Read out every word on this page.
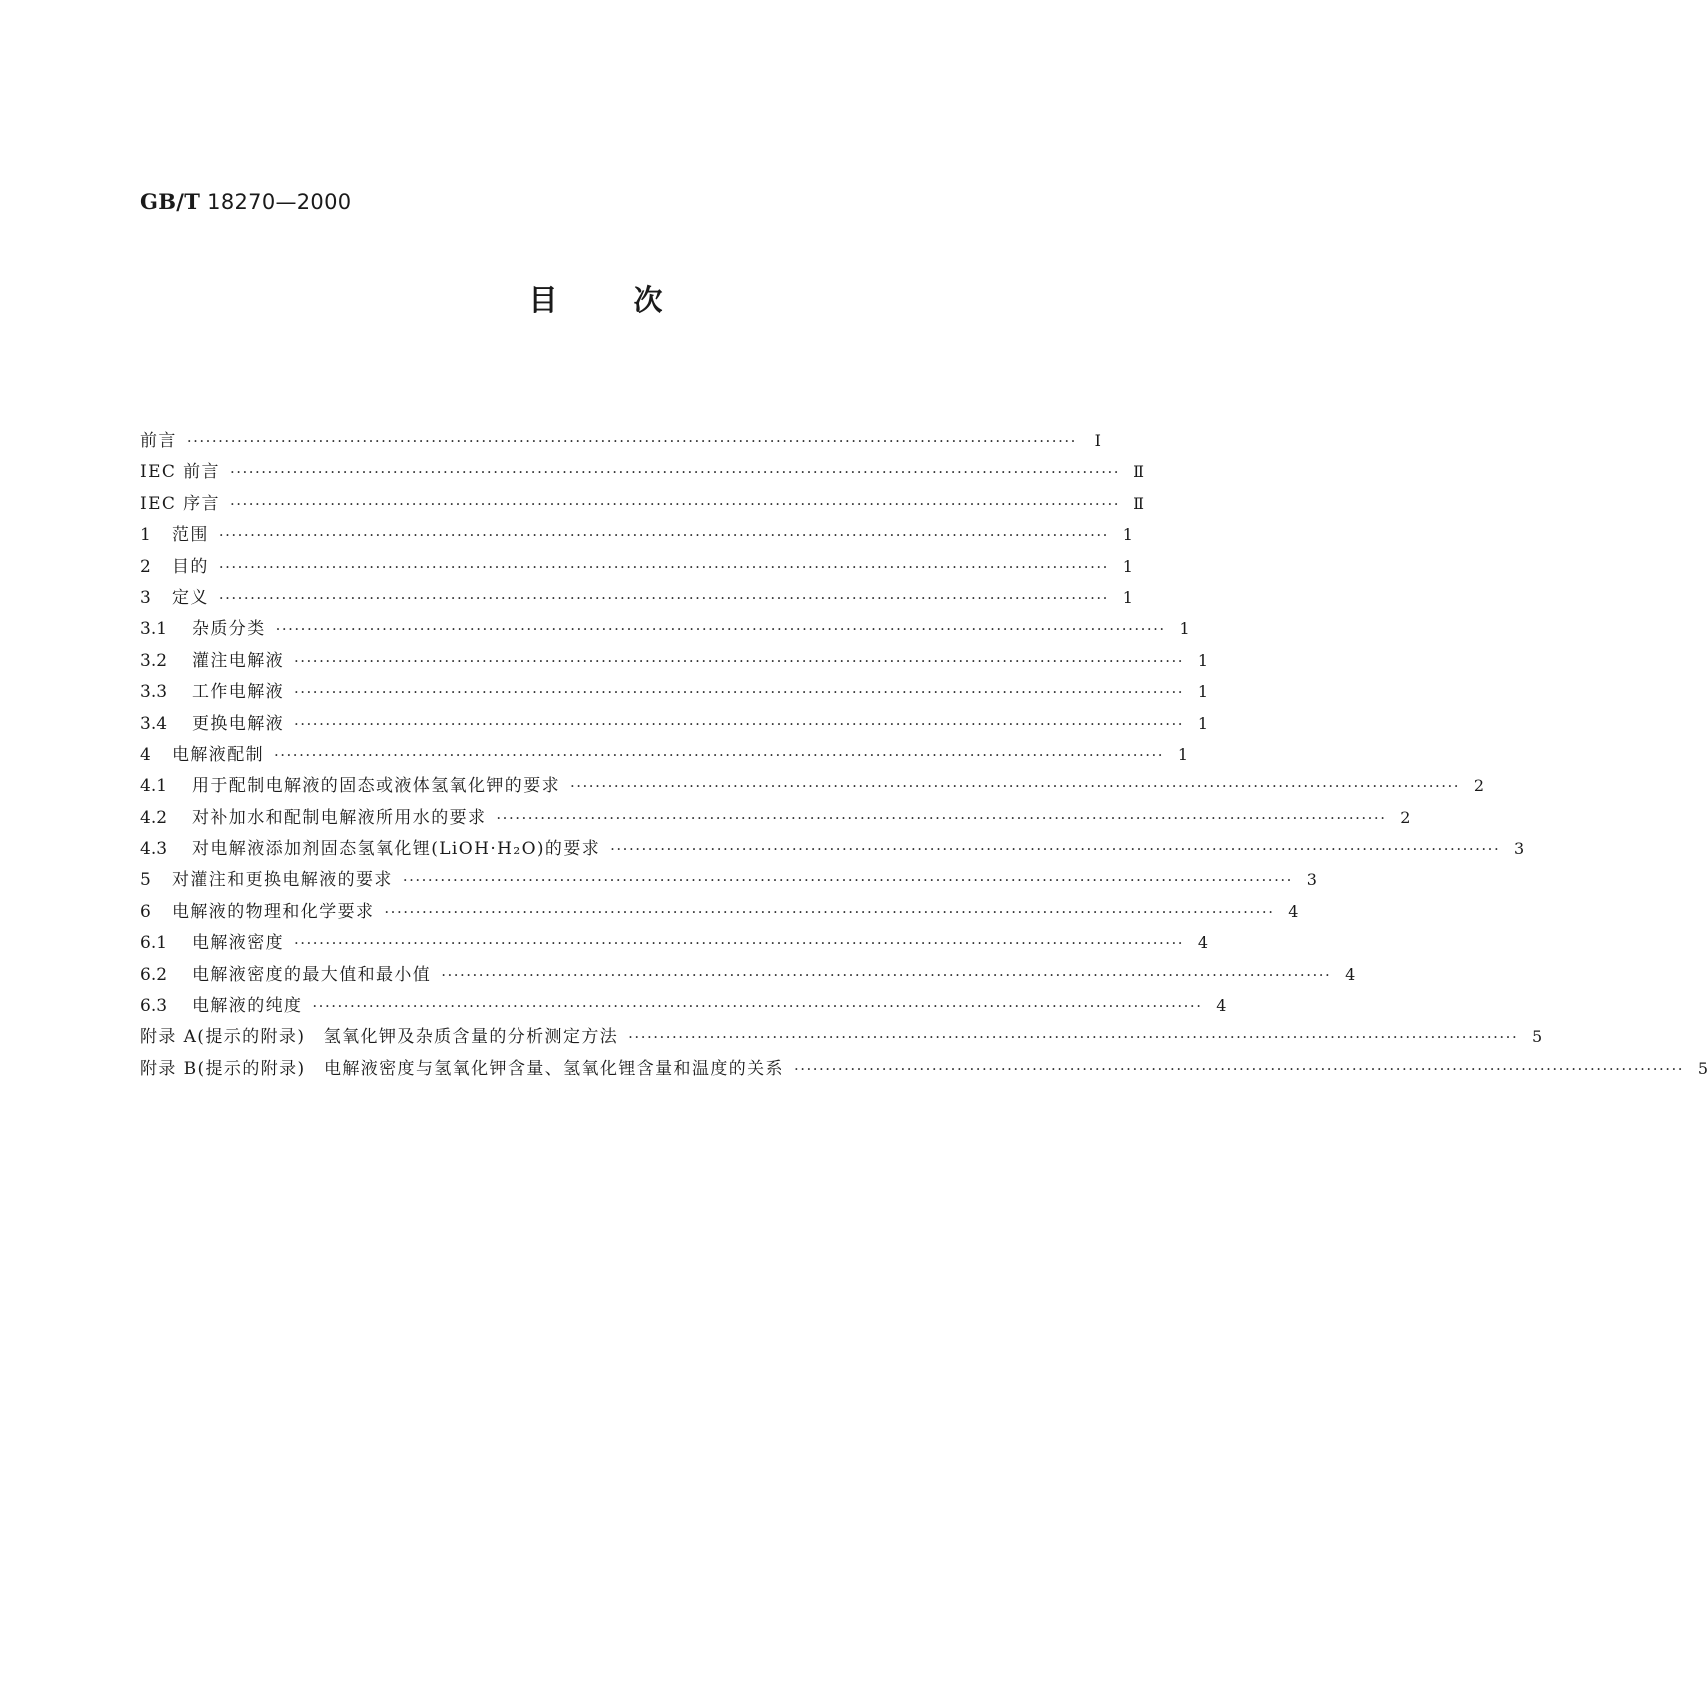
GB/T 18270—2000
目	次
前言 ··············································································································································	Ⅰ
IEC 前言 ·············································································································································· Ⅱ
IEC 序言 ·············································································································································· Ⅱ
1	范围 ·············································································································································· 1
2	目的 ·············································································································································· 1
3	定义 ·············································································································································· 1
3.1	杂质分类 ·············································································································································· 1
3.2	灌注电解液 ·············································································································································· 1
3.3	工作电解液 ·············································································································································· 1
3.4	更换电解液 ·············································································································································· 1
4	电解液配制 ·············································································································································· 1
4.1	用于配制电解液的固态或液体氢氧化钾的要求 ·············································································································································· 2
4.2	对补加水和配制电解液所用水的要求 ·············································································································································· 2
4.3	对电解液添加剂固态氢氧化锂(LiOH·H₂O)的要求 ·············································································································································· 3
5	对灌注和更换电解液的要求 ·············································································································································· 3
6	电解液的物理和化学要求 ·············································································································································· 4
6.1	电解液密度 ·············································································································································· 4
6.2	电解液密度的最大值和最小值 ·············································································································································· 4
6.3	电解液的纯度 ·············································································································································· 4
附录 A(提示的附录)　氢氧化钾及杂质含量的分析测定方法 ·············································································································································· 5
附录 B(提示的附录)　电解液密度与氢氧化钾含量、氢氧化锂含量和温度的关系 ·············································································································································· 5
